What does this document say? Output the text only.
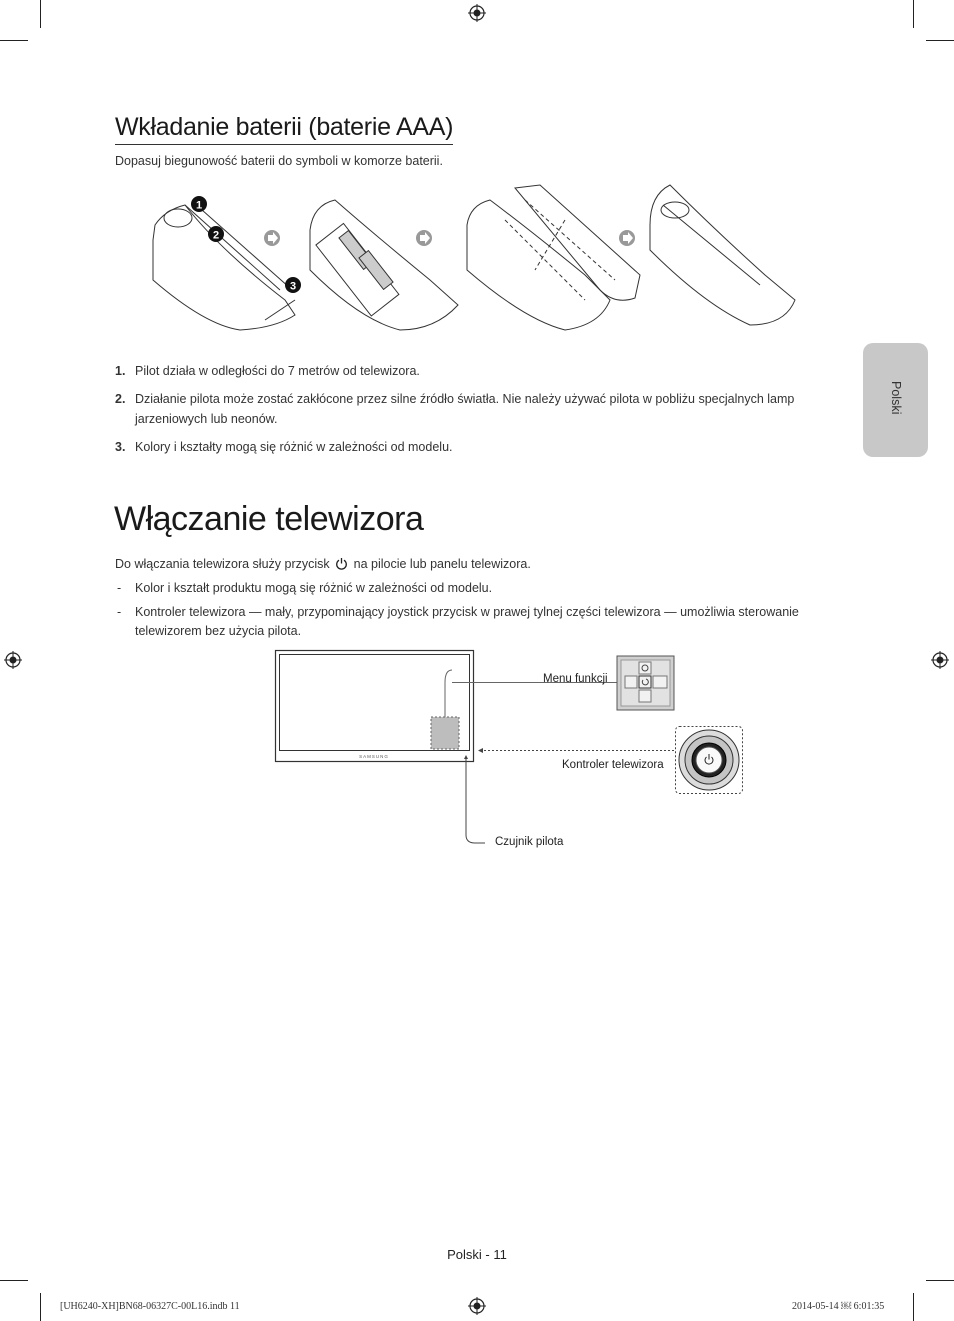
Wkładanie baterii (baterie AAA)
Dopasuj biegunowość baterii do symboli w komorze baterii.
1
2
3
1. Pilot działa w odległości do 7 metrów od telewizora.
2. Działanie pilota może zostać zakłócone przez silne źródło światła. Nie należy używać pilota w pobliżu specjalnych lamp jarzeniowych lub neonów.
3. Kolory i kształty mogą się różnić w zależności od modelu.
Polski
Włączanie telewizora
Do włączania telewizora służy przycisk na pilocie lub panelu telewizora.
- Kolor i kształt produktu mogą się różnić w zależności od modelu.
- Kontroler telewizora — mały, przypominający joystick przycisk w prawej tylnej części telewizora — umożliwia sterowanie telewizorem bez użycia pilota.
SAMSUNG
Menu funkcji
Kontroler telewizora
Czujnik pilota
Polski - 11
[UH6240-XH]BN68-06327C-00L16.indb 11	2014-05-14 ￼ 6:01:35
